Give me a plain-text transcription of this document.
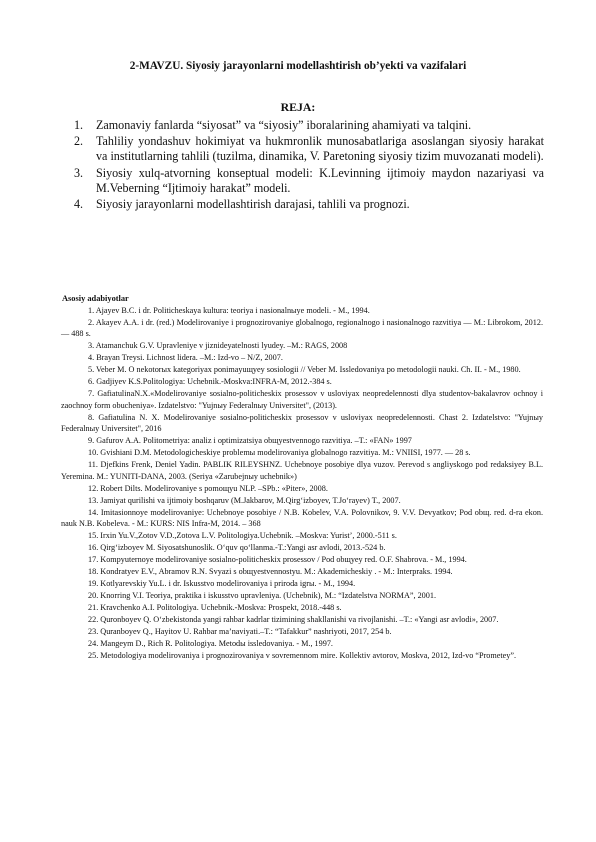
2-MAVZU. Siyosiy jarayonlarni modellashtirish ob’yekti va vazifalari
REJA:
1. Zamonaviy fanlarda “siyosat” va “siyosiy” iboralarining ahamiyati va talqini.
2. Tahliliy yondashuv hokimiyat va hukmronlik munosabatlariga asoslangan siyosiy harakat va institutlarning tahlili (tuzilma, dinamika, V. Paretoning siyosiy tizim muvozanati modeli).
3. Siyosiy xulq-atvorning konseptual modeli: K.Levinning ijtimoiy maydon nazariyasi va M.Veberning “Ijtimoiy harakat” modeli.
4. Siyosiy jarayonlarni modellashtirish darajasi, tahlili va prognozi.
Asosiy adabiyotlar

1. Ajayev B.C. i dr. Politicheskaya kultura: teoriya i nasionalnыye modeli. - M., 1994.

2. Akayev A.A. i dr. (red.) Modelirovaniye i prognozirovaniye globalnogo, regionalnogo i nasionalnogo razvitiya — M.: Librokom, 2012. — 488 s.

3. Atamanchuk G.V. Upravleniye v jiznideyatelnosti lyudey. –M.: RAGS, 2008

4. Brayan Treysi. Lichnost lidera. –M.: Izd-vo – N/Z, 2007.

5. Veber M. O nekotorых kategoriyax ponimayuщyey sosiologii // Veber M. Issledovaniya po metodologii nauki. Ch. II. - M., 1980.

6. Gadjiyev K.S.Politologiya: Uchebnik.-Moskva:INFRA-M, 2012.-384 s.

7. GafiatulinaN.X.«Modelirovaniye sosialno-politicheskix prosessov v usloviyax neopredelennosti dlya studentov-bakalavrov ochnoy i zaochnoy form obucheniya». Izdatelstvo: "Yujnыy Federalnыy Universitet", (2013).

8. Gafiatulina N. X. Modelirovaniye sosialno-politicheskix prosessov v usloviyax neopredelennosti. Chast 2. Izdatelstvo: "Yujnыy Federalnыy Universitet", 2016

9. Gafurov A.A. Politometriya: analiz i optimizatsiya obщyestvennogo razvitiya. –T.: «FAN» 1997

10. Gvishiani D.M. Metodologicheskiye problemы modelirovaniya globalnogo razvitiya. M.: VNIISI, 1977. — 28 s.

11. Djefkins Frenk, Deniel Yadin. PABLIK RILEYSHNZ. Uchebnoye posobiye dlya vuzov. Perevod s angliyskogo pod redaksiyey B.L. Yeremina. M.: YUNITI-DANA, 2003. (Seriya «Zarubejnыy uchebnik»)

12. Robert Dilts. Modelirovaniye s pomoщyu NLP. –SPb.: «Piter», 2008.

13. Jamiyat qurilishi va ijtimoiy boshqaruv (M.Jakbarov, M.Qirg‘izboyev, T.Jo‘rayev) T., 2007.

14. Imitasionnoye modelirovaniye: Uchebnoye posobiye / N.B. Kobelev, V.A. Polovnikov, 9. V.V. Devyatkov; Pod obщ. red. d-ra ekon. nauk N.B. Kobeleva. - M.: KURS: NIS Infra-M, 2014. – 368

15. Irxin Yu.V.,Zotov V.D.,Zotova L.V. Politologiya.Uchebnik. –Moskva: Yurist’, 2000.-511 s.

16. Qirg‘izboyev M. Siyosatshunoslik. O‘quv qo‘llanma.-T.:Yangi asr avlodi, 2013.-524 b.

17. Kompyuternoye modelirovaniye sosialno-politicheskix prosessov / Pod obщyey red. O.F. Shabrova. - M., 1994.

18. Kondratyev E.V., Abramov R.N. Svyazi s obщyestvennostyu. M.: Akademicheskiy . - M.: Interpraks. 1994.

19. Kotlyarevskiy Yu.L. i dr. Iskusstvo modelirovaniya i priroda igrы. - M., 1994.

20. Knorring V.I. Teoriya, praktika i iskusstvo upravleniya. (Uchebnik), M.: “Izdatelstva NORMA”, 2001.

21. Kravchenko A.I. Politologiya. Uchebnik.-Moskva: Prospekt, 2018.-448 s.

22. Quronboyev Q. O‘zbekistonda yangi rahbar kadrlar tizimining shakllanishi va rivojlanishi. –T.: «Yangi asr avlodi», 2007.

23. Quranboyev Q., Hayitov U. Rahbar ma’naviyati.–T.: “Tafakkur” nashriyoti, 2017, 254 b.

24. Mangeym D., Rich R. Politologiya. Metodы issledovaniya. - M., 1997.

25. Metodologiya modelirovaniya i prognozirovaniya v sovremennom mire. Kollektiv avtorov, Moskva, 2012, Izd-vo “Prometey”.
